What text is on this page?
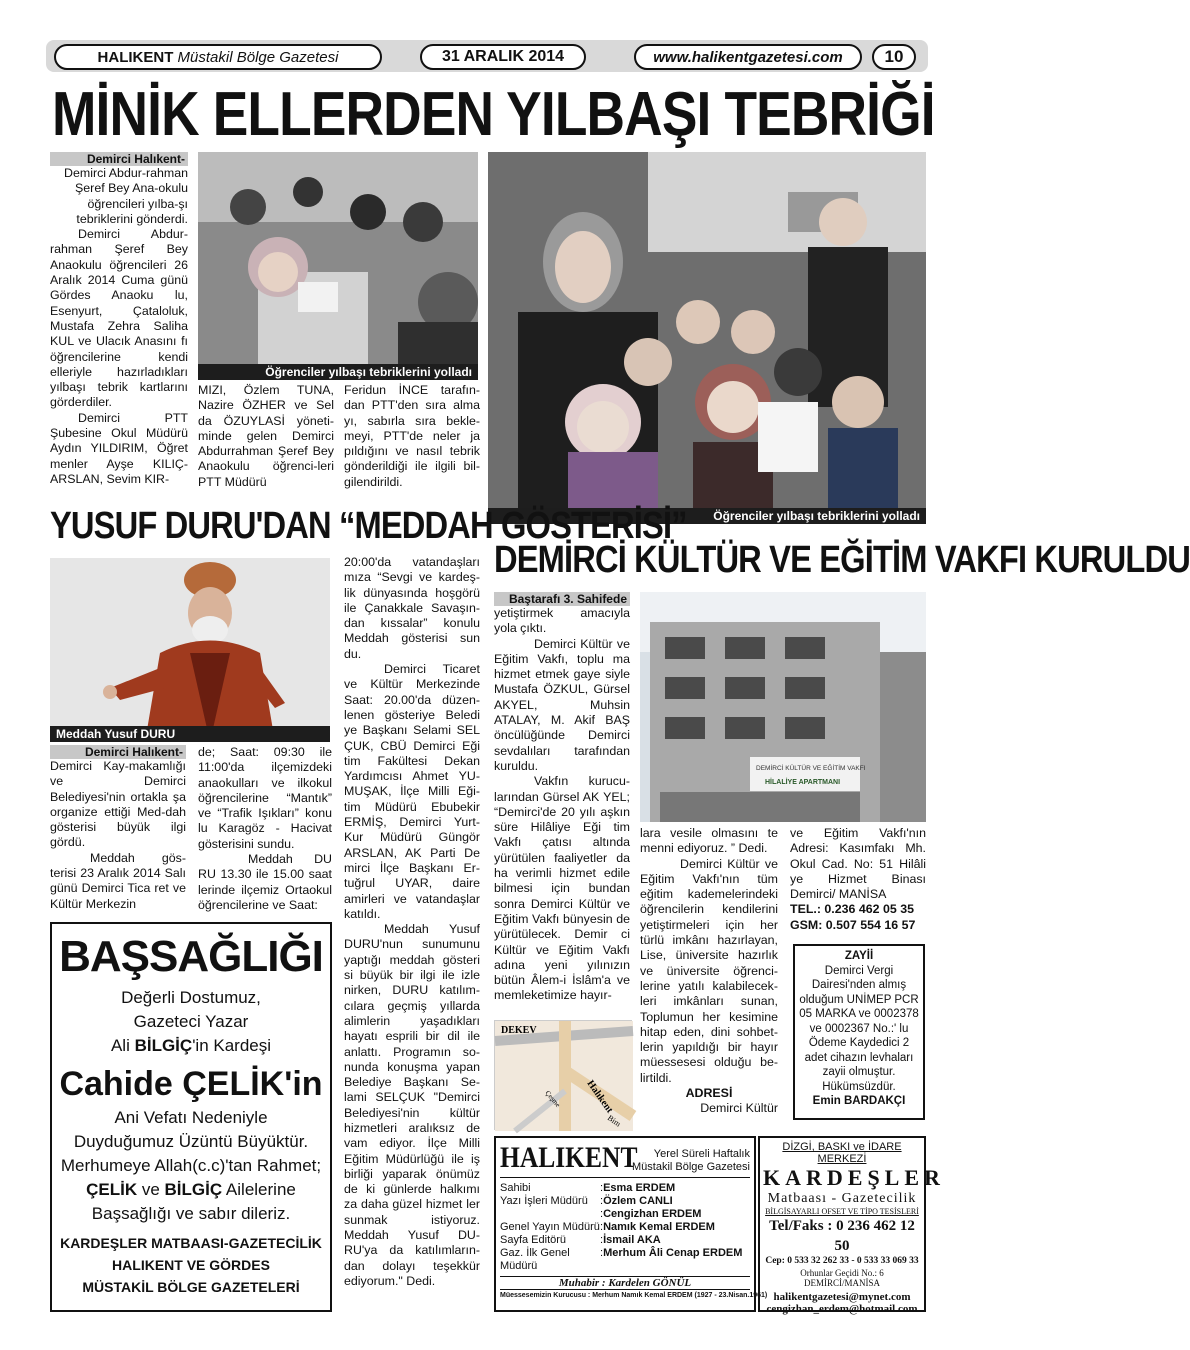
HALIKENT
Müstakil Bölge Gazetesi	31 ARALIK 2014	www.halikentgazetesi.com	10
MİNİK ELLERDEN YILBAŞI TEBRİĞİ
Demirci Halıkent-

Demirci Abdur-rahman Şeref Bey Ana-okulu öğrencileri yılba-şı tebriklerini gönderdi.

Demirci Abdur-rahman Şeref Bey Anaokulu öğrencileri 26 Aralık 2014 Cuma günü Gördes Anaoku lu, Esenyurt, Çataloluk, Mustafa Zehra Saliha KUL ve Ulacık Anasını fı öğrencilerine kendi elleriyle hazırladıkları yılbaşı tebrik kartlarını görderdiler.

Demirci PTT Şubesine Okul Müdürü Aydın YILDIRIM, Öğret menler Ayşe KILIÇ-ARSLAN, Sevim KIR-

Öğrenciler yılbaşı tebriklerini yolladı

MIZI, Özlem TUNA, Nazire ÖZHER ve Sel da ÖZUYLASİ yöneti-minde gelen Demirci Abdurrahman Şeref Bey Anaokulu öğrenci-leri PTT Müdürü

Feridun İNCE tarafın-dan PTT'den sıra alma yı, sabırla sıra bekle-meyi, PTT'de neler ja pıldığını ve nasıl tebrik gönderildiği ile ilgili bil-gilendirildi.

Öğrenciler yılbaşı tebriklerini yolladı
YUSUF DURU'DAN “MEDDAH GÖSTERİSİ”
Meddah Yusuf DURU
Demirci Halıkent-

Demirci Kay-makamlığı ve Demirci Belediyesi'nin ortakla şa organize ettiği Med-dah gösterisi büyük ilgi gördü.

Meddah gös-terisi 23 Aralık 2014 Salı günü Demirci Tica ret ve Kültür Merkezin

de; Saat: 09:30 ile 11:00'da ilçemizdeki anaokulları ve ilkokul öğrencilerine “Mantık” ve “Trafik Işıkları” konu lu Karagöz - Hacivat gösterisini sundu.

Meddah DU RU 13.30 ile 15.00 saat lerinde ilçemiz Ortaokul öğrencilerine ve Saat:

20:00'da vatandaşları mıza “Sevgi ve kardeş-lik dünyasında hoşgörü ile Çanakkale Savaşın-dan kıssalar” konulu Meddah gösterisi sun du.

Demirci Ticaret ve Kültür Merkezinde Saat: 20.00'da düzen-lenen gösteriye Beledi ye Başkanı Selami SEL ÇUK, CBÜ Demirci Eği tim Fakültesi Dekan Yardımcısı Ahmet YU-MUŞAK, İlçe Milli Eği-tim Müdürü Ebubekir ERMİŞ, Demirci Yurt-Kur Müdürü Güngör ARSLAN, AK Parti De mirci İlçe Başkanı Er-tuğrul UYAR, daire amirleri ve vatandaşlar katıldı.

Meddah Yusuf DURU'nun sunumunu yaptığı meddah gösteri si büyük bir ilgi ile izle nirken, DURU katılım-cılara geçmiş yıllarda alimlerin yaşadıkları hayatı esprili bir dil ile anlattı. Programın so-nunda konuşma yapan Belediye Başkanı Se-lami SELÇUK "Demirci Belediyesi'nin kültür hizmetleri aralıksız de vam ediyor. İlçe Milli Eğitim Müdürlüğü ile iş birliği yaparak önümüz de ki günlerde halkımı za daha güzel hizmet ler sunmak istiyoruz. Meddah Yusuf DU-RU'ya da katılımların-dan dolayı teşekkür ediyorum." Dedi.

BAŞSAĞLIĞI
Değerli Dostumuz,
Gazeteci Yazar
Ali BİLGİÇ'in Kardeşi
Cahide ÇELİK'in
Ani Vefatı Nedeniyle
Duyduğumuz Üzüntü Büyüktür.
Merhumeye Allah(c.c)'tan Rahmet;
ÇELİK ve BİLGİÇ Ailelerine
Başsağlığı ve sabır dileriz.
KARDEŞLER MATBAASI-GAZETECİLİK
HALIKENT VE GÖRDES
MÜSTAKİL BÖLGE GAZETELERİ
DEMİRCİ KÜLTÜR VE EĞİTİM VAKFI KURULDU
Baştarafı 3. Sahifede

yetiştirmek amacıyla yola çıktı.

Demirci Kültür ve Eğitim Vakfı, toplu ma hizmet etmek gaye siyle Mustafa ÖZKUL, Gürsel AKYEL, Muhsin ATALAY, M. Akif BAŞ öncülüğünde Demirci sevdalıları tarafından kuruldu.

Vakfın kurucu-larından Gürsel AK YEL; “Demirci'de 20 yılı aşkın süre Hilâliye Eği tim Vakfı çatısı altında yürütülen faaliyetler da ha verimli hizmet edile bilmesi için bundan sonra Demirci Kültür ve Eğitim Vakfı bünyesin de yürütülecek. Demir ci Kültür ve Eğitim Vakfı adına yeni yılınızın bütün Âlem-i İslâm'a ve memleketimize hayır-

DEMİRCİ KÜLTÜR VE EĞİTİM VAKFI
HİLALİYE APARTMANI

lara vesile olmasını te menni ediyoruz. ” Dedi.

Demirci Kültür ve Eğitim Vakfı'nın tüm eğitim kademelerindeki öğrencilerin kendilerini yetiştirmeleri için her türlü imkânı hazırlayan, Lise, üniversite hazırlık ve üniversite öğrenci-lerine yatılı kalabilecek-leri imkânları sunan, Toplumun her kesimine hitap eden, dini sohbet-lerin yapıldığı bir hayır müessesesi olduğu be-lirtildi.

ADRESİ

Demirci Kültür

ve Eğitim Vakfı'nın Adresi: Kasımfakı Mh. Okul Cad. No: 51 Hilâli ye Hizmet Binası Demirci/ MANİSA

TEL.: 0.236 462 05 35

GSM: 0.507 554 16 57

DEKEV
Çeşme Halıkent
Bim
ZAYİİ
Demirci Vergi Dairesi'nden almış olduğum UNİMEP PCR 05 MARKA ve 0002378 ve 0002367 No.:' lu Ödeme Kaydedici 2 adet cihazın levhaları zayii olmuştur. Hükümsüzdür.
Emin BARDAKÇI
HALIKENT	Yerel Süreli Haftalık
Müstakil Bölge Gazetesi
Sahibi	: Esma ERDEM
Yazı İşleri Müdürü	: Özlem CANLI
: Cengizhan ERDEM
Genel Yayın Müdürü : Namık Kemal ERDEM
Sayfa Editörü	: İsmail AKA
Gaz. İlk Genel Müdürü
: Merhum Âli Cenap ERDEM
Muhabir : Kardelen GÖNÜL
Müessesemizin Kurucusu : Merhum Namık Kemal ERDEM (1927 - 23.Nisan.1961)
DİZGİ, BASKI ve İDARE MERKEZİ
KARDEŞLER
Matbaası - Gazetecilik
BİLGİSAYARLI OFSET VE TİPO TESİSLERİ
Tel/Faks : 0 236 462 12 50
Cep: 0 533 32 262 33 - 0 533 33 069 33
Orhunlar Geçidi No.: 6 DEMİRCİ/MANİSA
halikentgazetesi@mynet.com
cengizhan_erdem@hotmail.com
